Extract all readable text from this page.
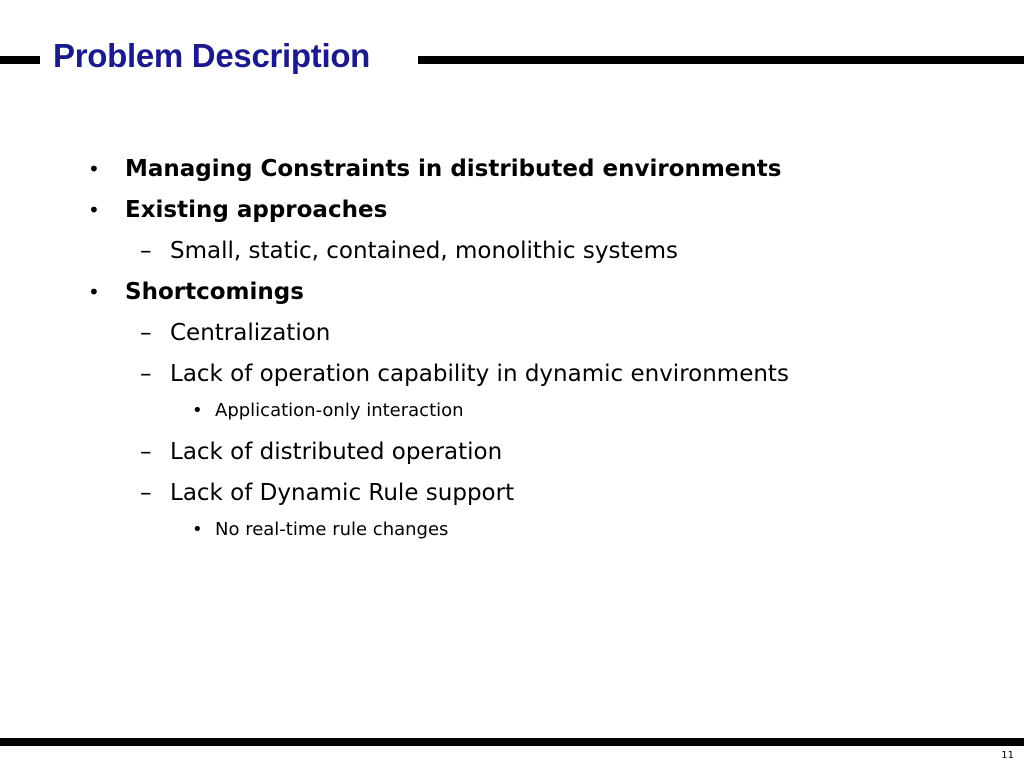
Problem Description
• Managing Constraints in distributed environments
• Existing approaches
– Small, static, contained, monolithic systems
• Shortcomings
– Centralization
– Lack of operation capability in dynamic environments
• Application-only interaction
– Lack of distributed operation
– Lack of Dynamic Rule support
• No real-time rule changes
11
